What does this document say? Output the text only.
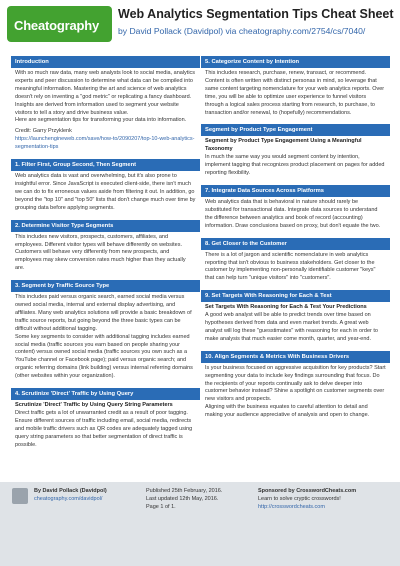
Cheatography
Web Analytics Segmentation Tips Cheat Sheet
by David Pollack (Davidpol) via cheatography.com/2754/cs/7040/
Introduction
With so much raw data, many web analysts look to social media, analytics experts and peer discussion to determine what data can be compiled into meaningful information. Mastering the art and science of web analytics doesn't rely on inventing a "god metric" or replicating a fancy dashboard. Insights are derived from information used to segment your website visitors to tell a story and drive business value.
Here are segmentation tips for transforming your data into information.
Credit: Garry Przyklenk
https://launchengineweb.com/save/how-to/2090207/top-10-web-analytics-segmentation-tips
1. Filter First, Group Second, Then Segment
Web analytics data is vast and overwhelming, but it's also prone to insightful error. Since JavaScript is executed client-side, there isn't much we can do to fix erroneous values aside from filtering it out. In addition, go beyond the "top 10" and "top 50" lists that don't change much over time by grouping data before applying segments.
2. Determine Visitor Type Segments
This includes new visitors, prospects, customers, affiliates, and employees. Different visitor types will behave differently on websites. Customers will behave very differently from new prospects, and employees may skew conversion rates much higher than they actually are.
3. Segment by Traffic Source Type
This includes paid versus organic search, earned social media versus owned social media, internal and external display advertising, and affiliates. Many web analytics solutions will provide a basic breakdown of traffic source reports, but going beyond the three basic types can be difficult without additional tagging.
Some key segments to consider with additional tagging includes earned social media (traffic sources you earn based on people sharing your content) versus owned social media (traffic sources you own such as a YouTube channel or Facebook page); paid versus organic search; and organic referring domains (link building) versus internal referring domains (other websites within your organization).
4. Scrutinize 'Direct' Traffic by Using Query
Scrutinize 'Direct' Traffic by Using Query String Parameters
Direct traffic gets a lot of unwarranted credit as a result of poor tagging. Ensure different sources of traffic including email, social media, redirects and mobile traffic drivers such as QR codes are adequately tagged using query string parameters so that better segmentation of direct traffic is possible.
5. Categorize Content by Intention
This includes research, purchase, renew, transact, or recommend. Content is often written with distinct personas in mind, so leverage that same content targeting nomenclature for your web analytics reports. Over time, you will be able to optimize user experience to funnel visitors through a logical sales process starting from research, to purchase, to transaction and/or renewal, to (hopefully) recommendations.
Segment by Product Type Engagement
Segment by Product Type Engagement Using a Meaningful Taxonomy
In much the same way you would segment content by intention, implement tagging that recognizes product placement on pages for added reporting flexibility.
7. Integrate Data Sources Across Platforms
Web analytics data that is behavioral in nature should rarely be substituted for transactional data. Integrate data sources to understand the difference between analytics and book of record (accounting) information. Draw conclusions based on proxy, but don't equate the two.
8. Get Closer to the Customer
There is a lot of jargon and scientific nomenclature in web analytics reporting that isn't obvious to business stakeholders. Get closer to the customer by implementing non-personally identifiable customer "keys" that can help turn "unique visitors" into "customers".
9. Set Targets With Reasoning for Each & Test
Set Targets With Reasoning for Each & Test Your Predictions
A good web analyst will be able to predict trends over time based on hypotheses derived from data and even market trends. A great web analyst will log these "guesstimates" with reasoning for each in order to make analysis that much easier come month, quarter, and year-end.
10. Align Segments & Metrics With Business Drivers
Is your business focused on aggressive acquisition for key products? Start segmenting your data to include key findings surrounding that focus. Do the recipients of your reports continually ask to delve deeper into customer behavior instead? Shine a spotlight on customer segments over new visitors and prospects.
Aligning with the business equates to careful attention to detail and making your audience appreciative of analysis and open to change.
By David Pollack (Davidpol)
cheatography.com/davidpol/
Published 25th February, 2016.
Last updated 12th May, 2016.
Page 1 of 1.
Sponsored by CrosswordCheats.com
Learn to solve cryptic crosswords!
http://crosswordcheats.com
